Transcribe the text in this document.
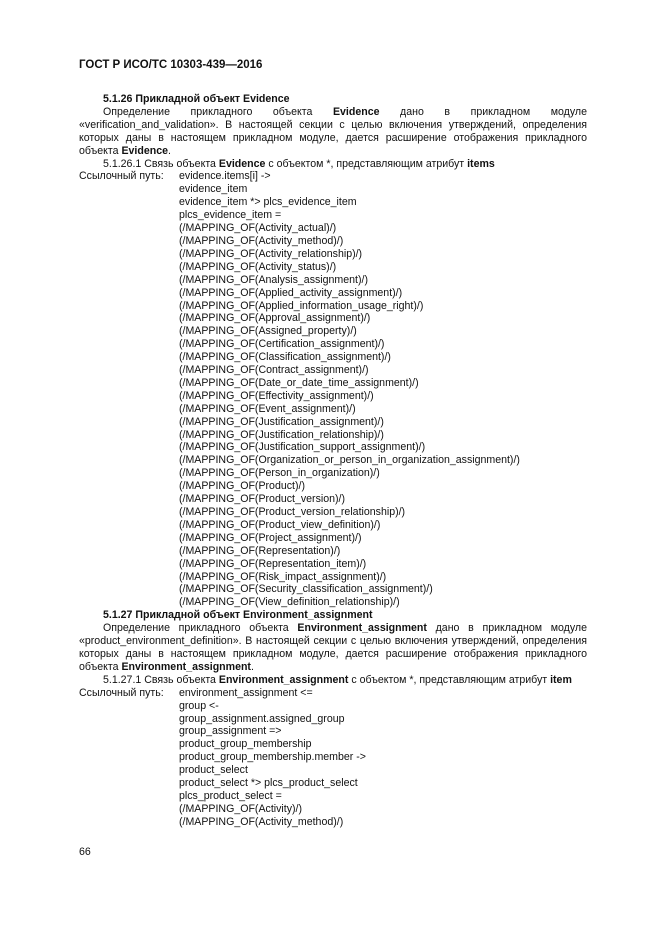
ГОСТ Р ИСО/ТС 10303-439—2016
5.1.26 Прикладной объект Evidence
Определение прикладного объекта Evidence дано в прикладном модуле «verification_and_validation». В настоящей секции с целью включения утверждений, определения которых даны в настоящем прикладном модуле, дается расширение отображения прикладного объекта Evidence.
5.1.26.1 Связь объекта Evidence с объектом *, представляющим атрибут items
Ссылочный путь:	evidence.items[i] ->
evidence_item
evidence_item *> plcs_evidence_item
plcs_evidence_item =
(/MAPPING_OF(Activity_actual)/)
(/MAPPING_OF(Activity_method)/)
(/MAPPING_OF(Activity_relationship)/)
(/MAPPING_OF(Activity_status)/)
(/MAPPING_OF(Analysis_assignment)/)
(/MAPPING_OF(Applied_activity_assignment)/)
(/MAPPING_OF(Applied_information_usage_right)/)
(/MAPPING_OF(Approval_assignment)/)
(/MAPPING_OF(Assigned_property)/)
(/MAPPING_OF(Certification_assignment)/)
(/MAPPING_OF(Classification_assignment)/)
(/MAPPING_OF(Contract_assignment)/)
(/MAPPING_OF(Date_or_date_time_assignment)/)
(/MAPPING_OF(Effectivity_assignment)/)
(/MAPPING_OF(Event_assignment)/)
(/MAPPING_OF(Justification_assignment)/)
(/MAPPING_OF(Justification_relationship)/)
(/MAPPING_OF(Justification_support_assignment)/)
(/MAPPING_OF(Organization_or_person_in_organization_assignment)/)
(/MAPPING_OF(Person_in_organization)/)
(/MAPPING_OF(Product)/)
(/MAPPING_OF(Product_version)/)
(/MAPPING_OF(Product_version_relationship)/)
(/MAPPING_OF(Product_view_definition)/)
(/MAPPING_OF(Project_assignment)/)
(/MAPPING_OF(Representation)/)
(/MAPPING_OF(Representation_item)/)
(/MAPPING_OF(Risk_impact_assignment)/)
(/MAPPING_OF(Security_classification_assignment)/)
(/MAPPING_OF(View_definition_relationship)/)
5.1.27 Прикладной объект Environment_assignment
Определение прикладного объекта Environment_assignment дано в прикладном модуле «product_environment_definition». В настоящей секции с целью включения утверждений, определения которых даны в настоящем прикладном модуле, дается расширение отображения прикладного объекта Environment_assignment.
5.1.27.1 Связь объекта Environment_assignment с объектом *, представляющим атрибут item
Ссылочный путь:	environment_assignment <=
group <-
group_assignment.assigned_group
group_assignment =>
product_group_membership
product_group_membership.member ->
product_select
product_select *> plcs_product_select
plcs_product_select =
(/MAPPING_OF(Activity)/)
(/MAPPING_OF(Activity_method)/)
66
